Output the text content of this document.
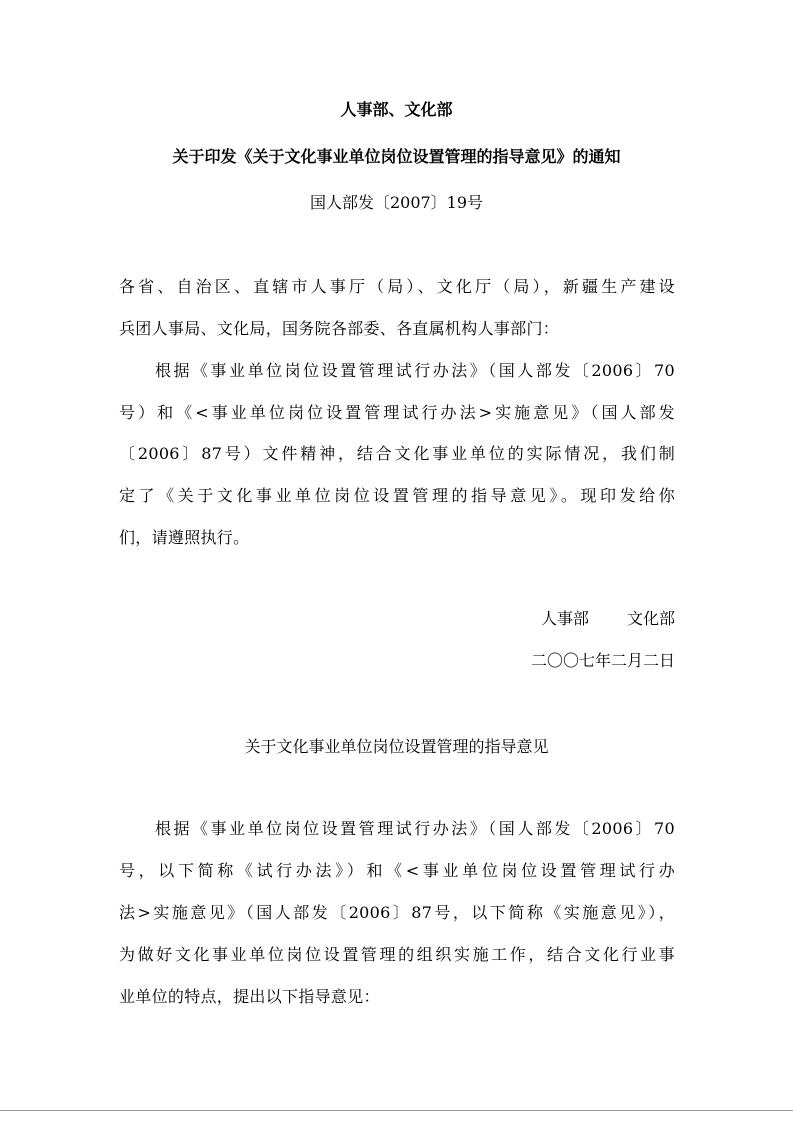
人事部、文化部
关于印发《关于文化事业单位岗位设置管理的指导意见》的通知
国人部发〔2007〕19号
各省、自治区、直辖市人事厅（局）、文化厅（局），新疆生产建设
兵团人事局、文化局，国务院各部委、各直属机构人事部门：
根据《事业单位岗位设置管理试行办法》（国人部发〔2006〕70
号）和《<事业单位岗位设置管理试行办法>实施意见》（国人部发
〔2006〕87号）文件精神，结合文化事业单位的实际情况，我们制
定了《关于文化事业单位岗位设置管理的指导意见》。现印发给你
们，请遵照执行。
人事部 文化部
二〇〇七年二月二日
关于文化事业单位岗位设置管理的指导意见
根据《事业单位岗位设置管理试行办法》（国人部发〔2006〕70
号，以下简称《试行办法》）和《<事业单位岗位设置管理试行办
法>实施意见》（国人部发〔2006〕87号，以下简称《实施意见》），
为做好文化事业单位岗位设置管理的组织实施工作，结合文化行业事
业单位的特点，提出以下指导意见：
